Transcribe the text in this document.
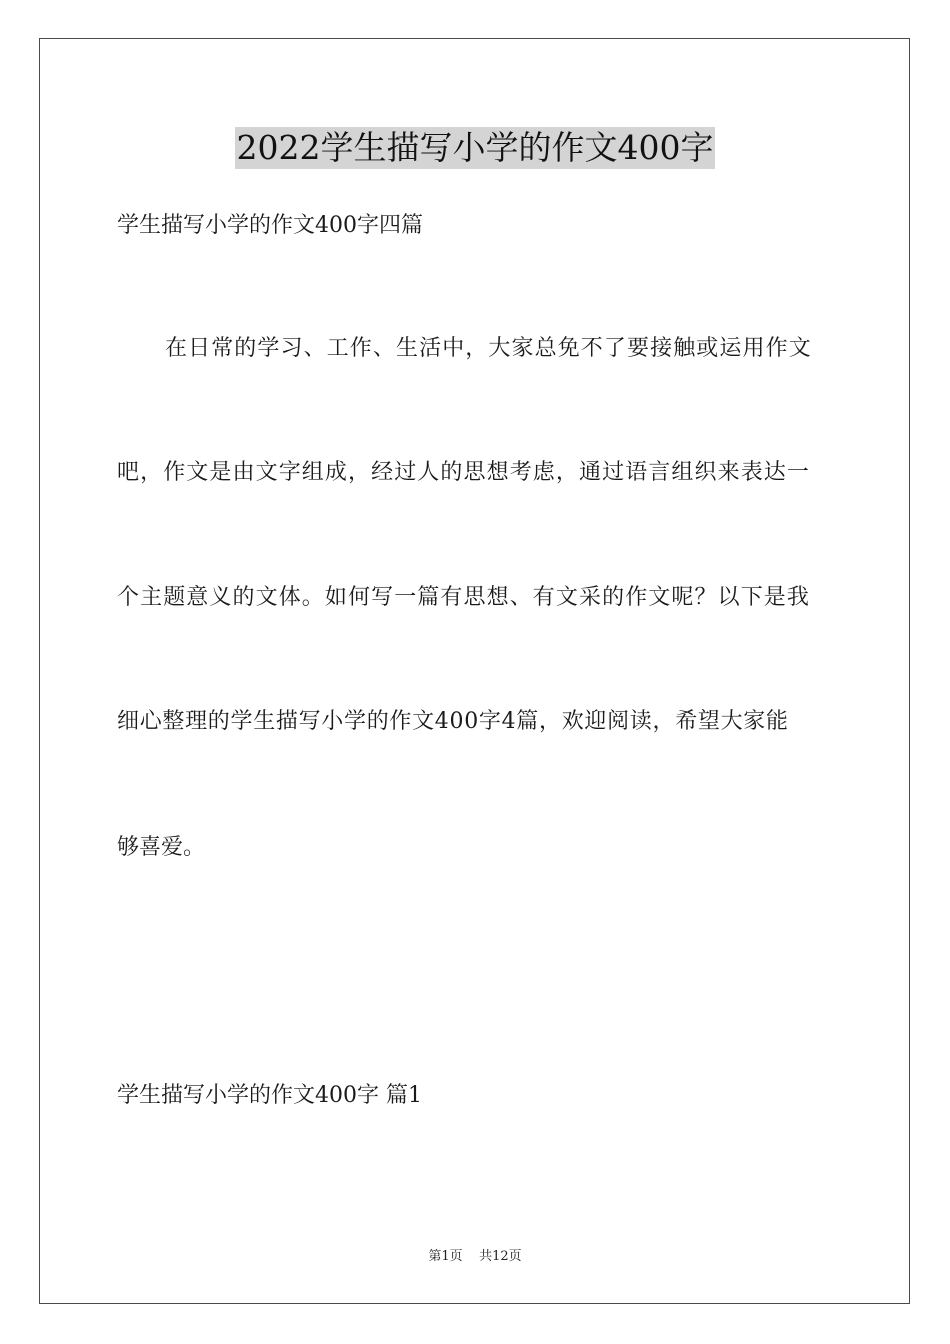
2022学生描写小学的作文400字
学生描写小学的作文400字四篇
在日常的学习、工作、生活中，大家总免不了要接触或运用作文
吧，作文是由文字组成，经过人的思想考虑，通过语言组织来表达一
个主题意义的文体。如何写一篇有思想、有文采的作文呢？以下是我
细心整理的学生描写小学的作文400字4篇，欢迎阅读，希望大家能
够喜爱。
学生描写小学的作文400字 篇1
第1页    共12页
